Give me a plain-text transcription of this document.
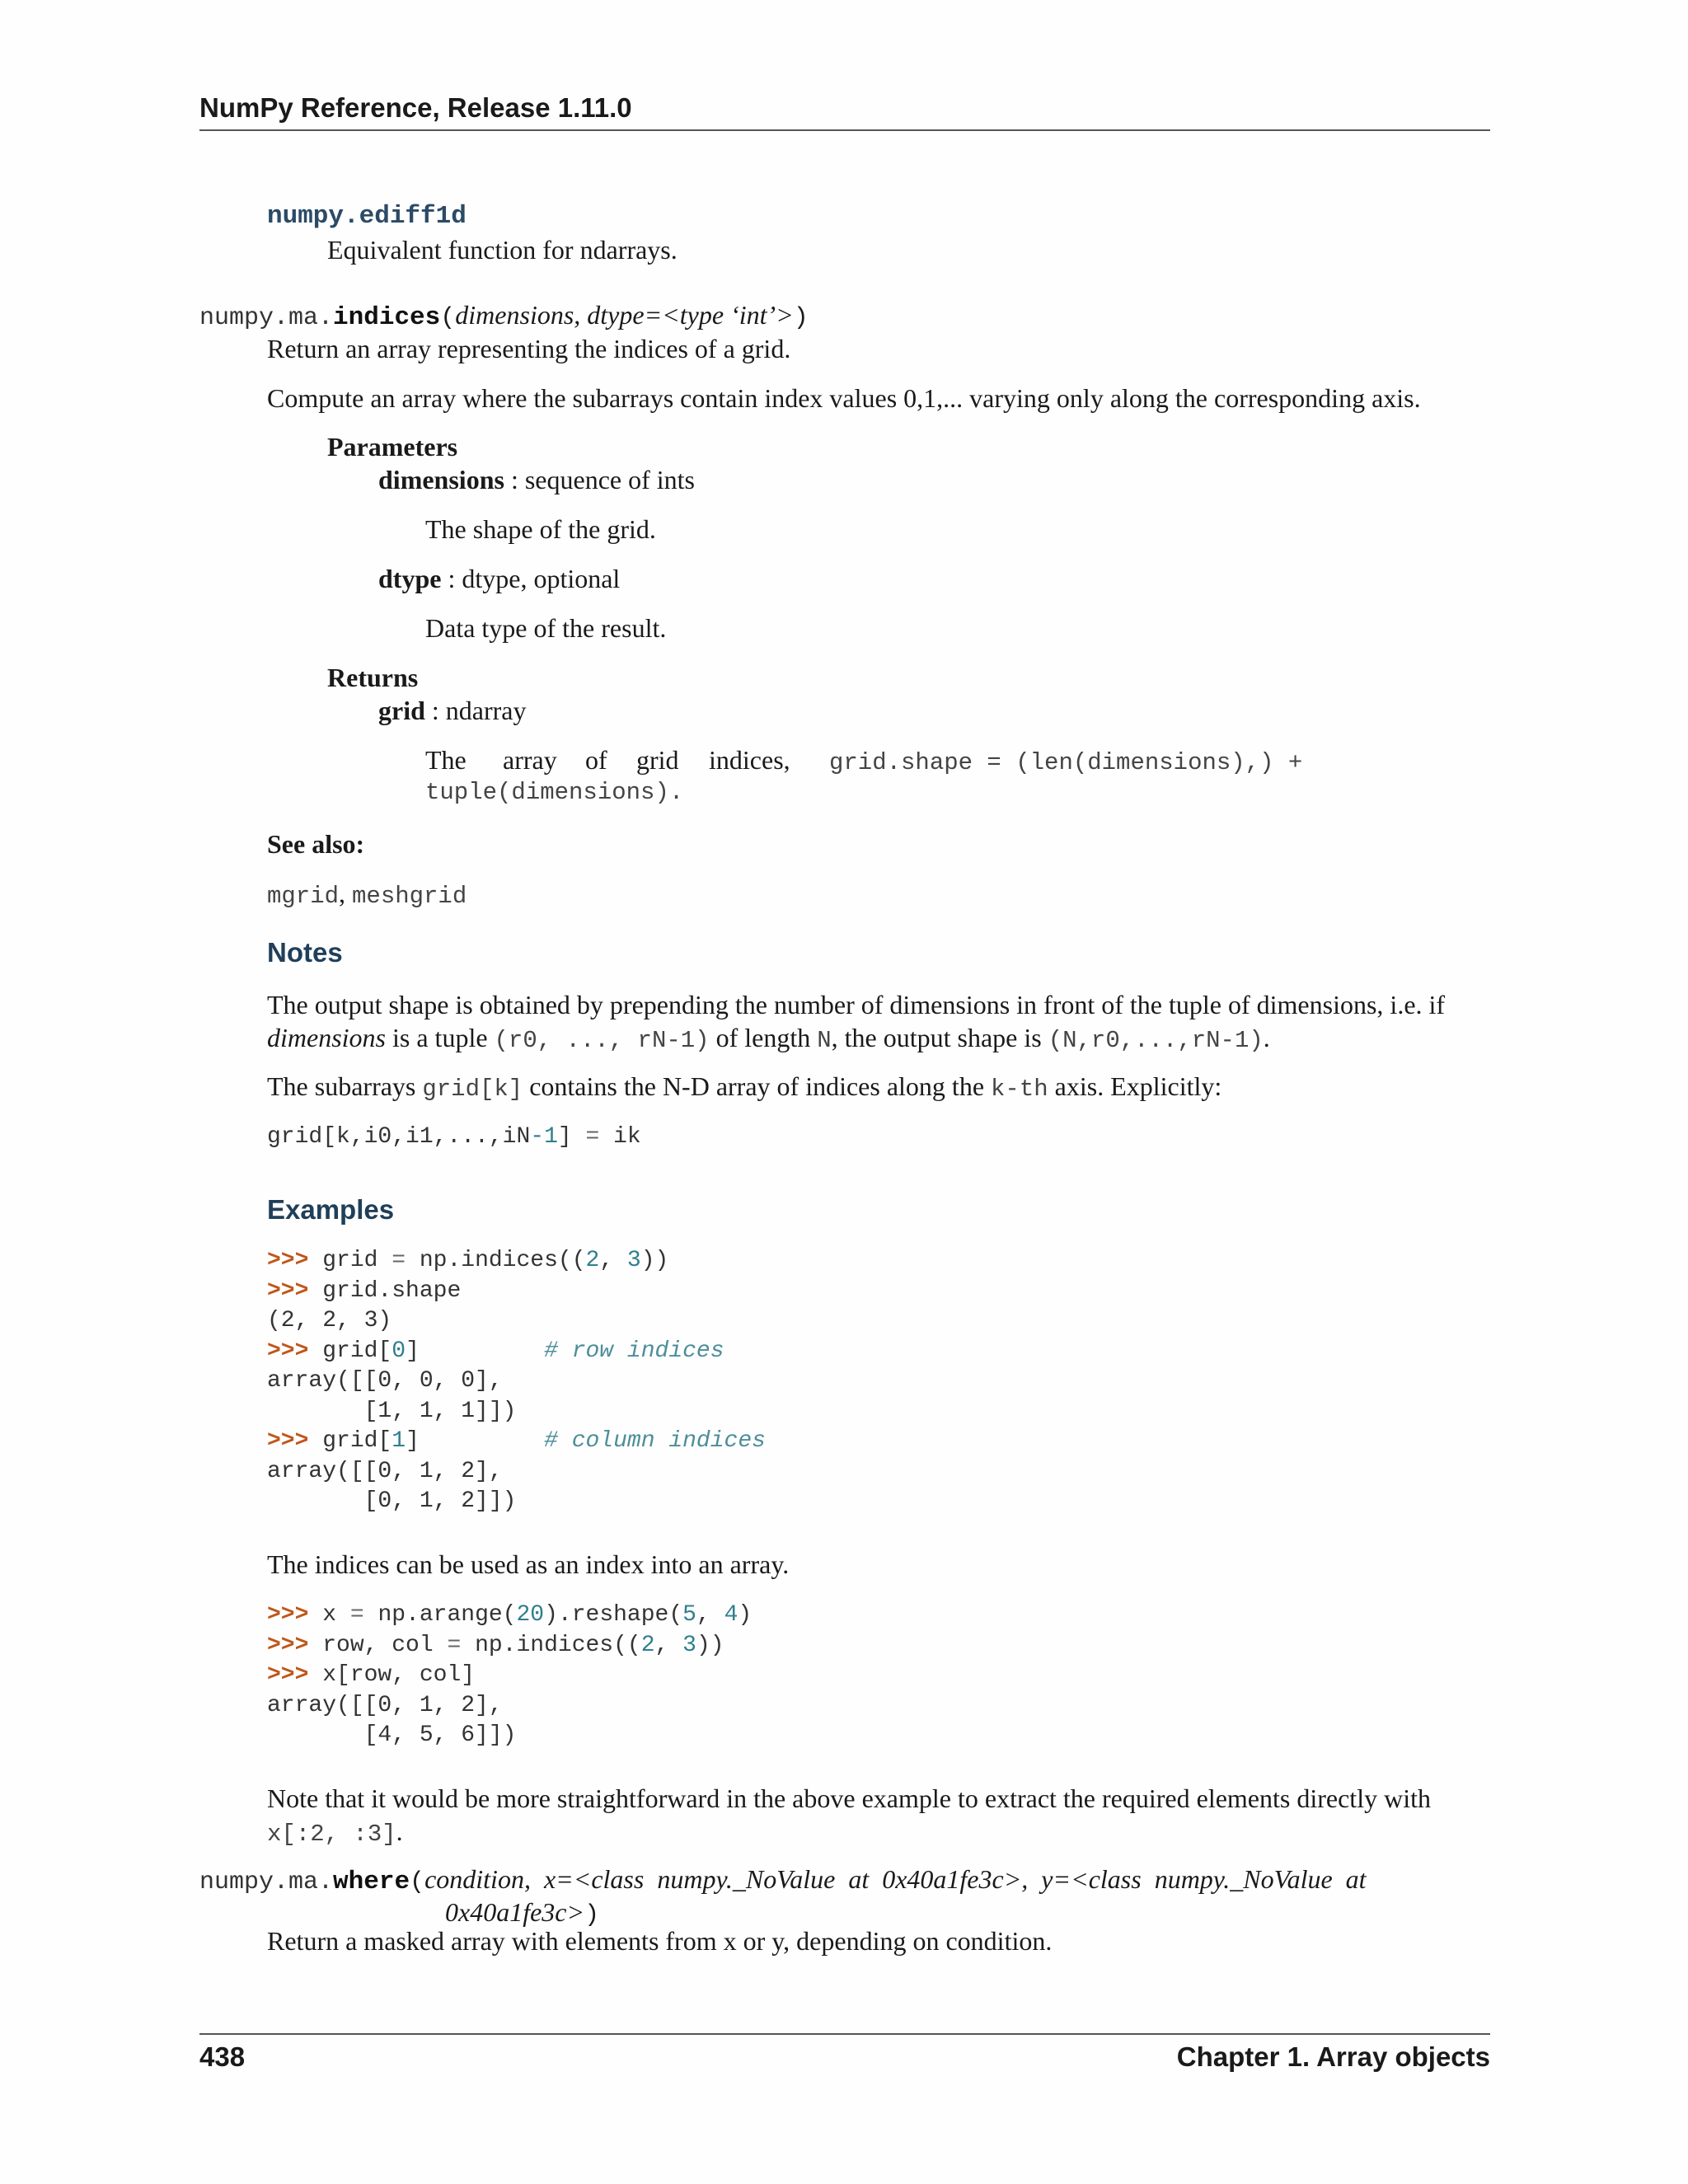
NumPy Reference, Release 1.11.0
numpy.ediff1d
Equivalent function for ndarrays.
numpy.ma.indices(dimensions, dtype=<type ‘int’>)
Return an array representing the indices of a grid.
Compute an array where the subarrays contain index values 0,1,... varying only along the corresponding axis.
Parameters
dimensions : sequence of ints
The shape of the grid.
dtype : dtype, optional
Data type of the result.
Returns
grid : ndarray
The array of grid indices, grid.shape = (len(dimensions),) +
tuple(dimensions).
See also:
mgrid, meshgrid
Notes
The output shape is obtained by prepending the number of dimensions in front of the tuple of dimensions, i.e. if
dimensions is a tuple (r0, ..., rN-1) of length N, the output shape is (N,r0,...,rN-1).
The subarrays grid[k] contains the N-D array of indices along the k-th axis. Explicitly:
grid[k,i0,i1,...,iN-1] = ik
Examples
>>> grid = np.indices((2, 3))
>>> grid.shape
(2, 2, 3)
>>> grid[0]         # row indices
array([[0, 0, 0],
[1, 1, 1]])
>>> grid[1]         # column indices
array([[0, 1, 2],
[0, 1, 2]])
The indices can be used as an index into an array.
>>> x = np.arange(20).reshape(5, 4)
>>> row, col = np.indices((2, 3))
>>> x[row, col]
array([[0, 1, 2],
[4, 5, 6]])
Note that it would be more straightforward in the above example to extract the required elements directly with
x[:2, :3].
numpy.ma.where(condition,  x=<class  numpy._NoValue  at  0x40a1fe3c>,  y=<class  numpy._NoValue  at
0x40a1fe3c>)
Return a masked array with elements from x or y, depending on condition.
438	Chapter 1. Array objects
